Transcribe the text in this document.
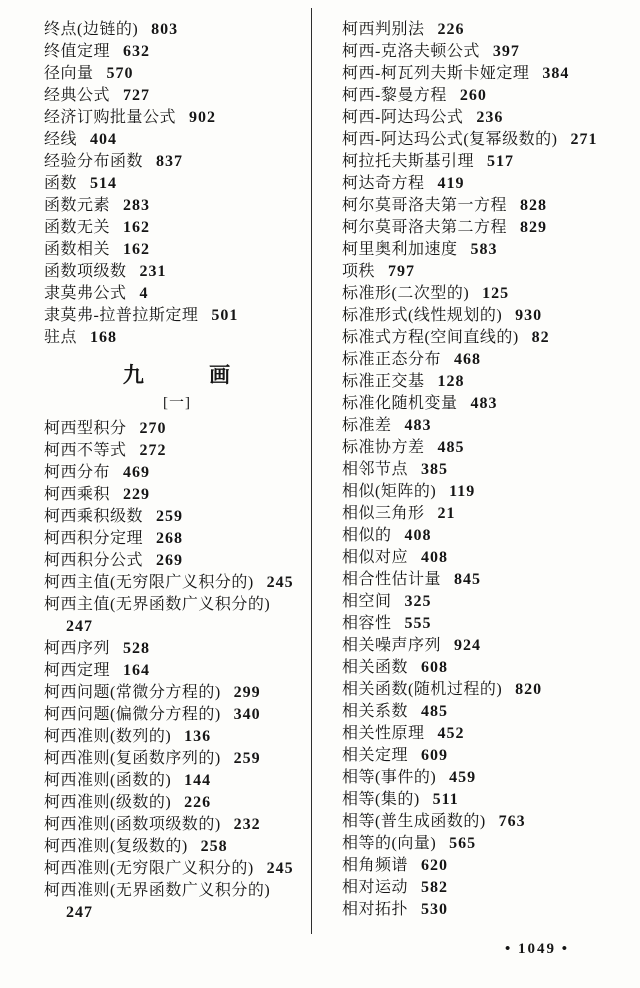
终点(边链的) 803
终值定理 632
径向量 570
经典公式 727
经济订购批量公式 902
经线 404
经验分布函数 837
函数 514
函数元素 283
函数无关 162
函数相关 162
函数项级数 231
隶莫弗公式 4
隶莫弗-拉普拉斯定理 501
驻点 168
九	画
[一]
柯西型积分 270
柯西不等式 272
柯西分布 469
柯西乘积 229
柯西乘积级数 259
柯西积分定理 268
柯西积分公式 269
柯西主值(无穷限广义积分的) 245
柯西主值(无界函数广义积分的)
247
柯西序列 528
柯西定理 164
柯西问题(常微分方程的) 299
柯西问题(偏微分方程的) 340
柯西准则(数列的) 136
柯西准则(复函数序列的) 259
柯西准则(函数的) 144
柯西准则(级数的) 226
柯西准则(函数项级数的) 232
柯西准则(复级数的) 258
柯西准则(无穷限广义积分的) 245
柯西准则(无界函数广义积分的)
247
柯西判别法 226
柯西-克洛夫顿公式 397
柯西-柯瓦列夫斯卡娅定理 384
柯西-黎曼方程 260
柯西-阿达玛公式 236
柯西-阿达玛公式(复幂级数的) 271
柯拉托夫斯基引理 517
柯达奇方程 419
柯尔莫哥洛夫第一方程 828
柯尔莫哥洛夫第二方程 829
柯里奥利加速度 583
项秩 797
标准形(二次型的) 125
标准形式(线性规划的) 930
标准式方程(空间直线的) 82
标准正态分布 468
标准正交基 128
标准化随机变量 483
标准差 483
标准协方差 485
相邻节点 385
相似(矩阵的) 119
相似三角形 21
相似的 408
相似对应 408
相合性估计量 845
相空间 325
相容性 555
相关噪声序列 924
相关函数 608
相关函数(随机过程的) 820
相关系数 485
相关性原理 452
相关定理 609
相等(事件的) 459
相等(集的) 511
相等(普生成函数的) 763
相等的(向量) 565
相角频谱 620
相对运动 582
相对拓扑 530
• 1049 •
